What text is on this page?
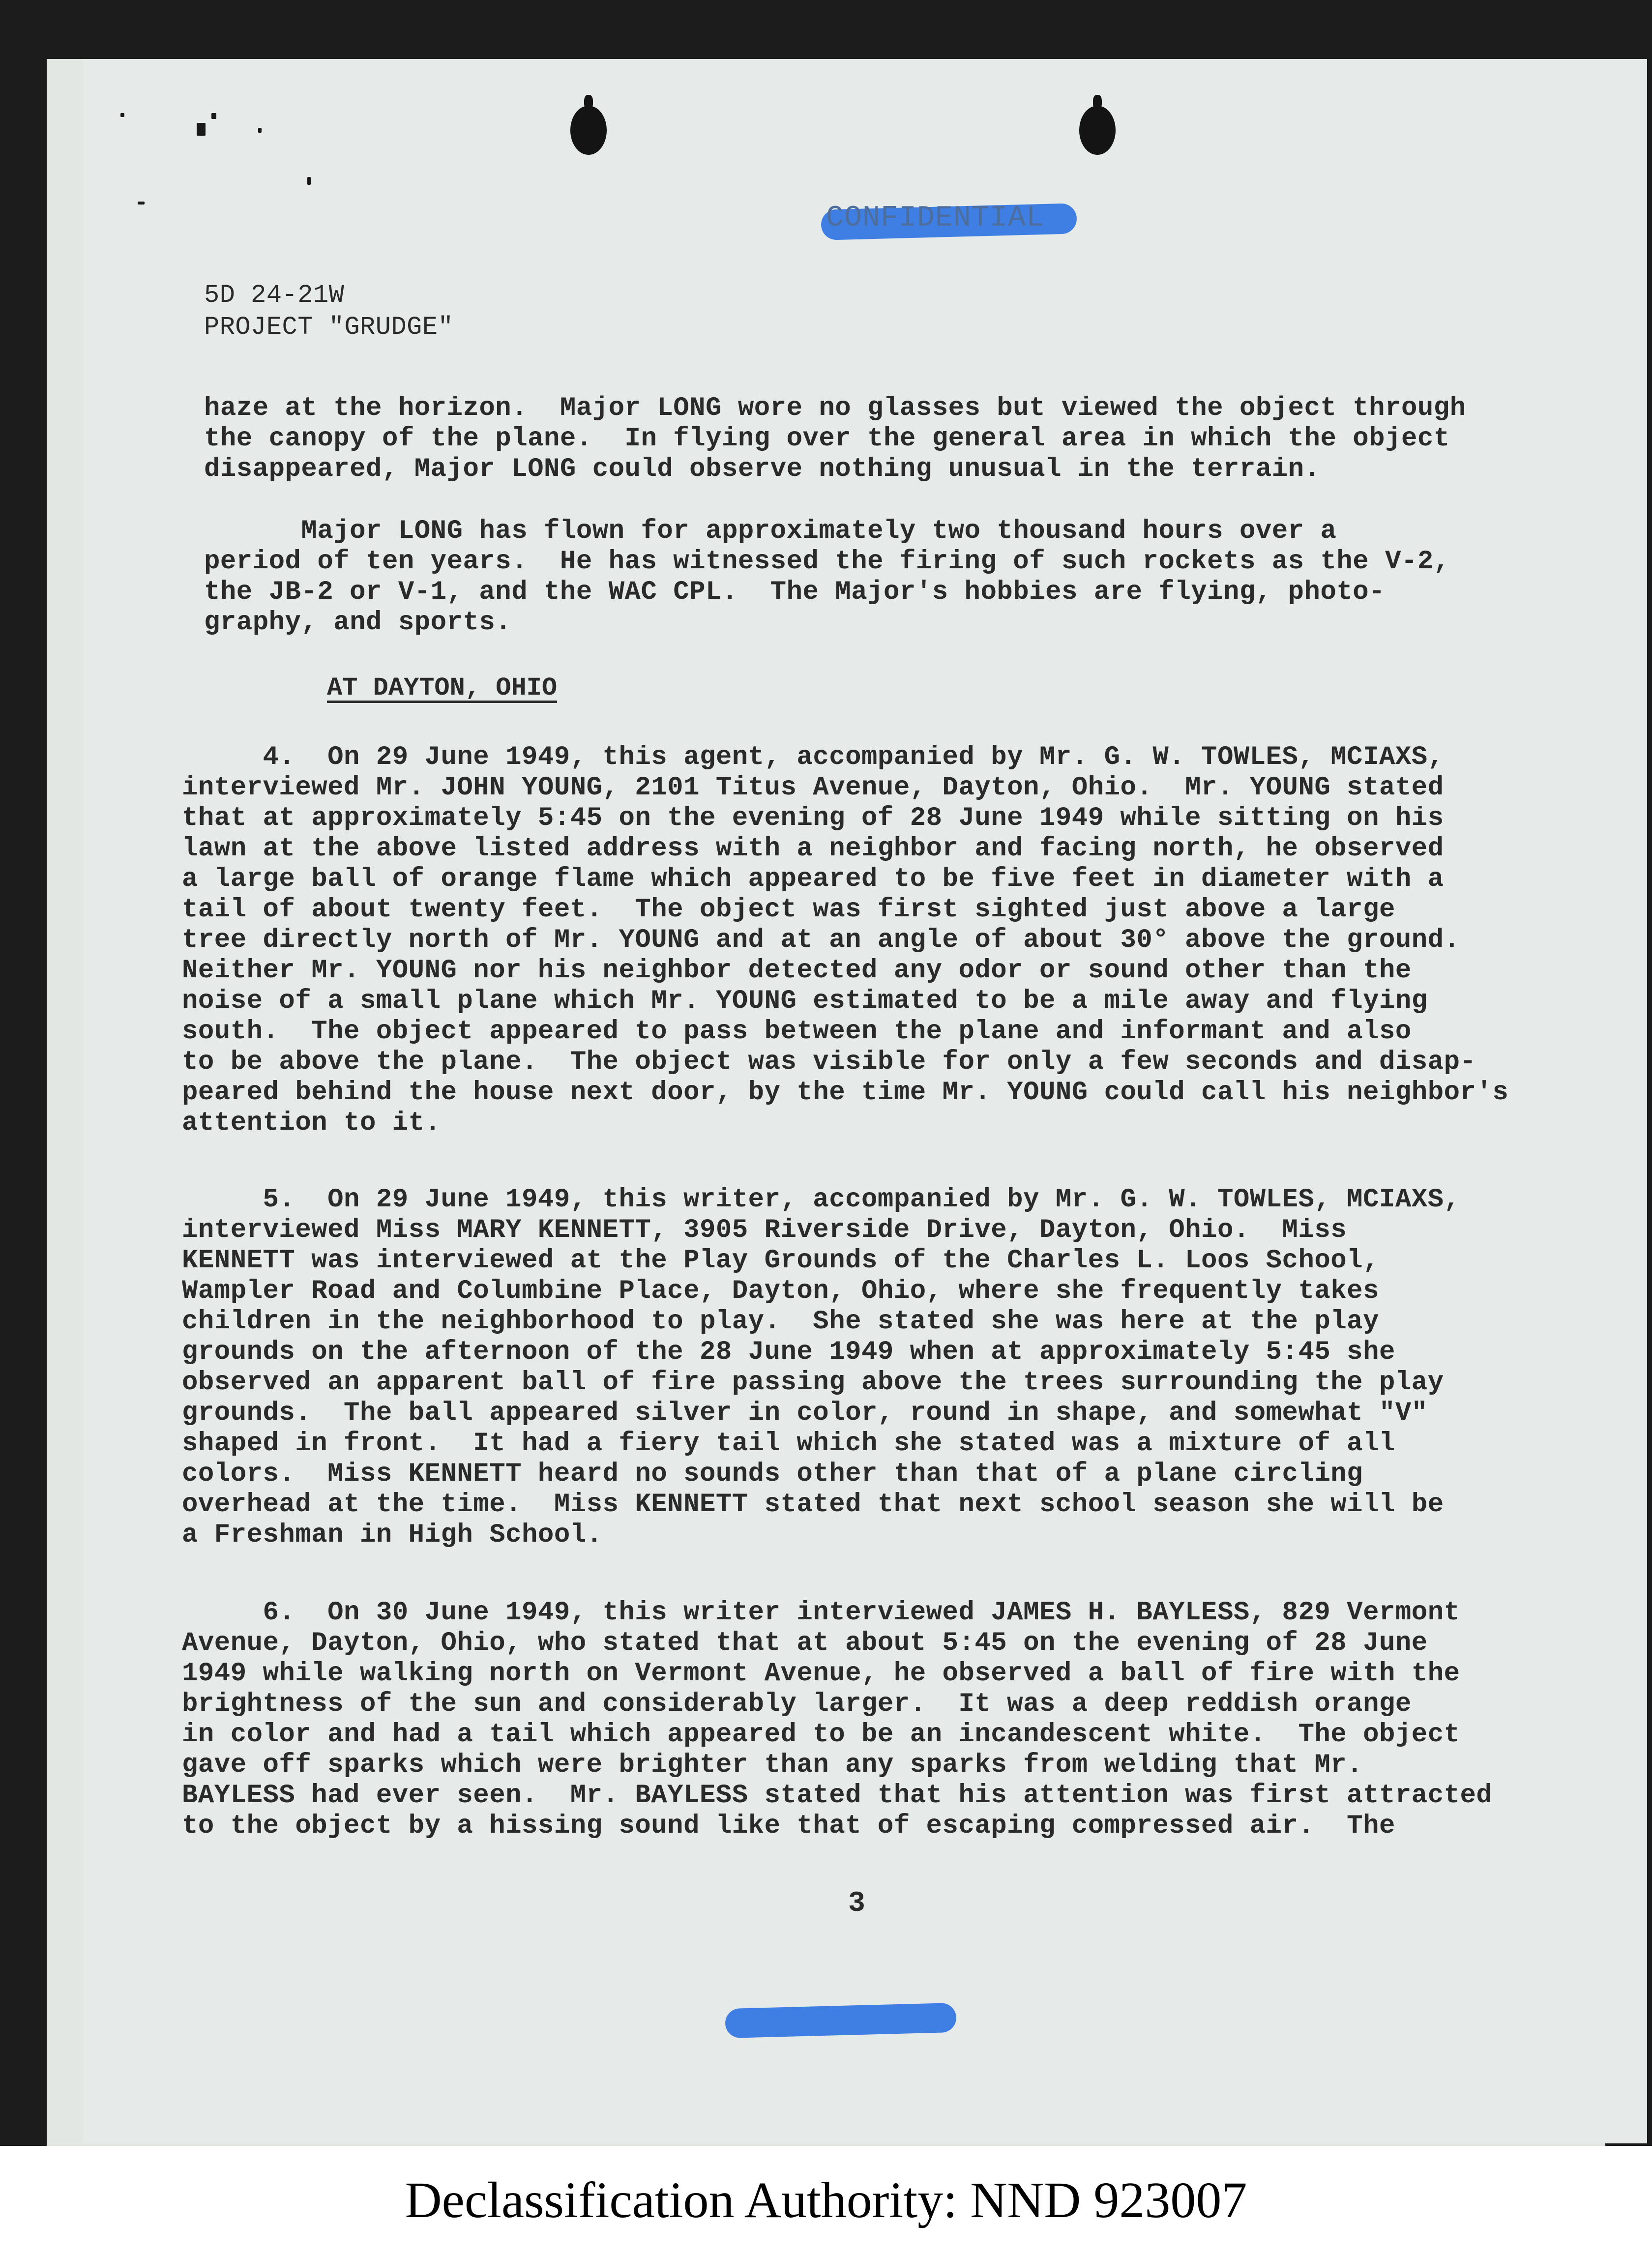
CONFIDENTIAL
5D 24-21W
PROJECT "GRUDGE"
haze at the horizon.  Major LONG wore no glasses but viewed the object through
the canopy of the plane.  In flying over the general area in which the object
disappeared, Major LONG could observe nothing unusual in the terrain.
Major LONG has flown for approximately two thousand hours over a
period of ten years.  He has witnessed the firing of such rockets as the V-2,
the JB-2 or V-1, and the WAC CPL.  The Major's hobbies are flying, photo-
graphy, and sports.
AT DAYTON, OHIO
4.  On 29 June 1949, this agent, accompanied by Mr. G. W. TOWLES, MCIAXS,
interviewed Mr. JOHN YOUNG, 2101 Titus Avenue, Dayton, Ohio.  Mr. YOUNG stated
that at approximately 5:45 on the evening of 28 June 1949 while sitting on his
lawn at the above listed address with a neighbor and facing north, he observed
a large ball of orange flame which appeared to be five feet in diameter with a
tail of about twenty feet.  The object was first sighted just above a large
tree directly north of Mr. YOUNG and at an angle of about 30° above the ground.
Neither Mr. YOUNG nor his neighbor detected any odor or sound other than the
noise of a small plane which Mr. YOUNG estimated to be a mile away and flying
south.  The object appeared to pass between the plane and informant and also
to be above the plane.  The object was visible for only a few seconds and disap-
peared behind the house next door, by the time Mr. YOUNG could call his neighbor's
attention to it.
5.  On 29 June 1949, this writer, accompanied by Mr. G. W. TOWLES, MCIAXS,
interviewed Miss MARY KENNETT, 3905 Riverside Drive, Dayton, Ohio.  Miss
KENNETT was interviewed at the Play Grounds of the Charles L. Loos School,
Wampler Road and Columbine Place, Dayton, Ohio, where she frequently takes
children in the neighborhood to play.  She stated she was here at the play
grounds on the afternoon of the 28 June 1949 when at approximately 5:45 she
observed an apparent ball of fire passing above the trees surrounding the play
grounds.  The ball appeared silver in color, round in shape, and somewhat "V"
shaped in front.  It had a fiery tail which she stated was a mixture of all
colors.  Miss KENNETT heard no sounds other than that of a plane circling
overhead at the time.  Miss KENNETT stated that next school season she will be
a Freshman in High School.
6.  On 30 June 1949, this writer interviewed JAMES H. BAYLESS, 829 Vermont
Avenue, Dayton, Ohio, who stated that at about 5:45 on the evening of 28 June
1949 while walking north on Vermont Avenue, he observed a ball of fire with the
brightness of the sun and considerably larger.  It was a deep reddish orange
in color and had a tail which appeared to be an incandescent white.  The object
gave off sparks which were brighter than any sparks from welding that Mr.
BAYLESS had ever seen.  Mr. BAYLESS stated that his attention was first attracted
to the object by a hissing sound like that of escaping compressed air.  The
3
Declassification Authority: NND 923007
